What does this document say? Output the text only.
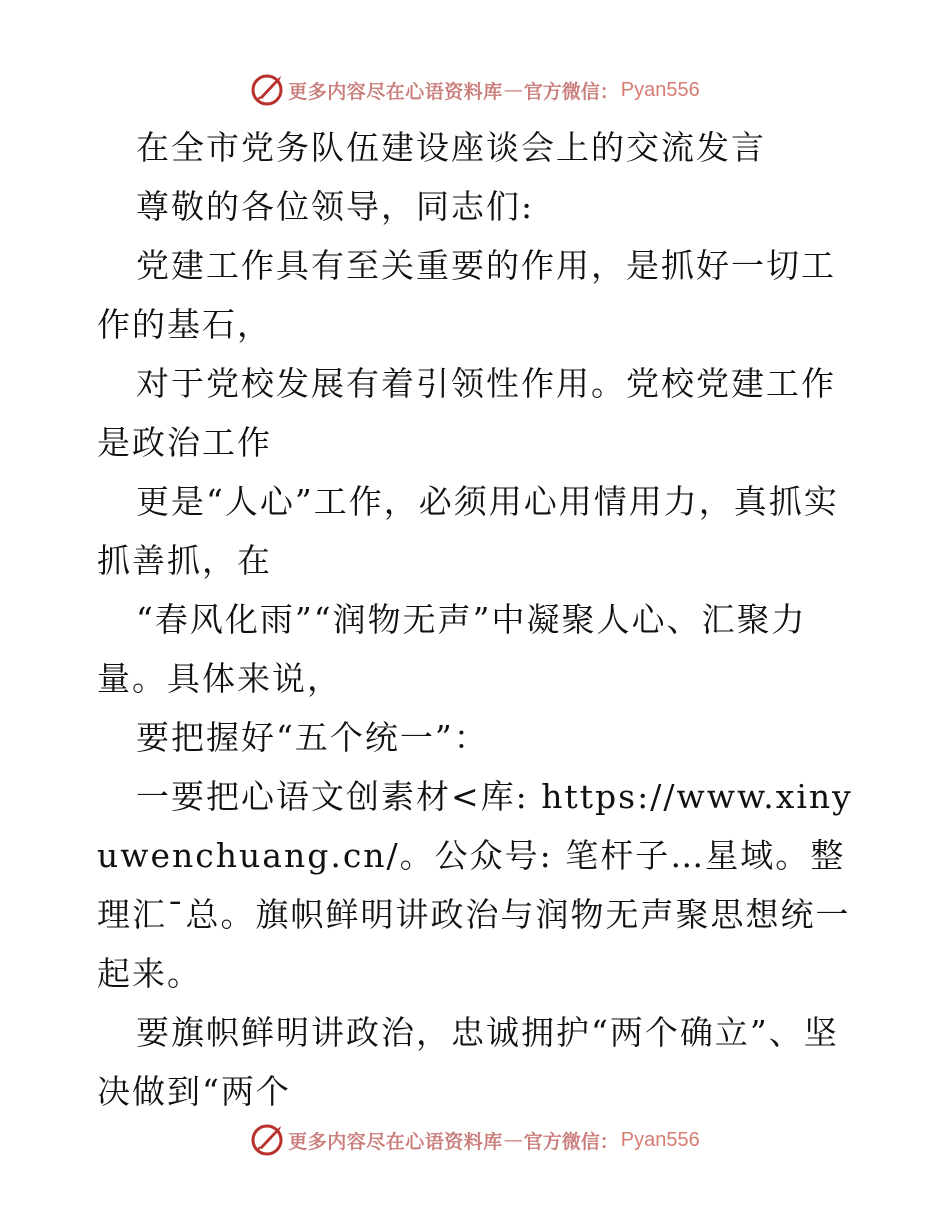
更多内容尽在心语资料库 — 官方微信： Pyan556

在全市党务队伍建设座谈会上的交流发言

尊敬的各位领导，同志们:

党建工作具有至关重要的作用，是抓好一切工作的基石，

对于党校发展有着引领性作用。党校党建工作是政治工作

更是“人心”工作，必须用心用情用力，真抓实抓善抓，在

“春风化雨”“润物无声”中凝聚人心、汇聚力量。具体来说，

要把握好“五个统一”：

一要把心语文创素材<库: https://www.xinyuwenchuang.cn/。公众号: 笔杆子…星域。整理汇¯总。旗帜鲜明讲政治与润物无声聚思想统一起来。

要旗帜鲜明讲政治，忠诚拥护“两个确立”、坚决做到“两个

更多内容尽在心语资料库 — 官方微信： Pyan556
